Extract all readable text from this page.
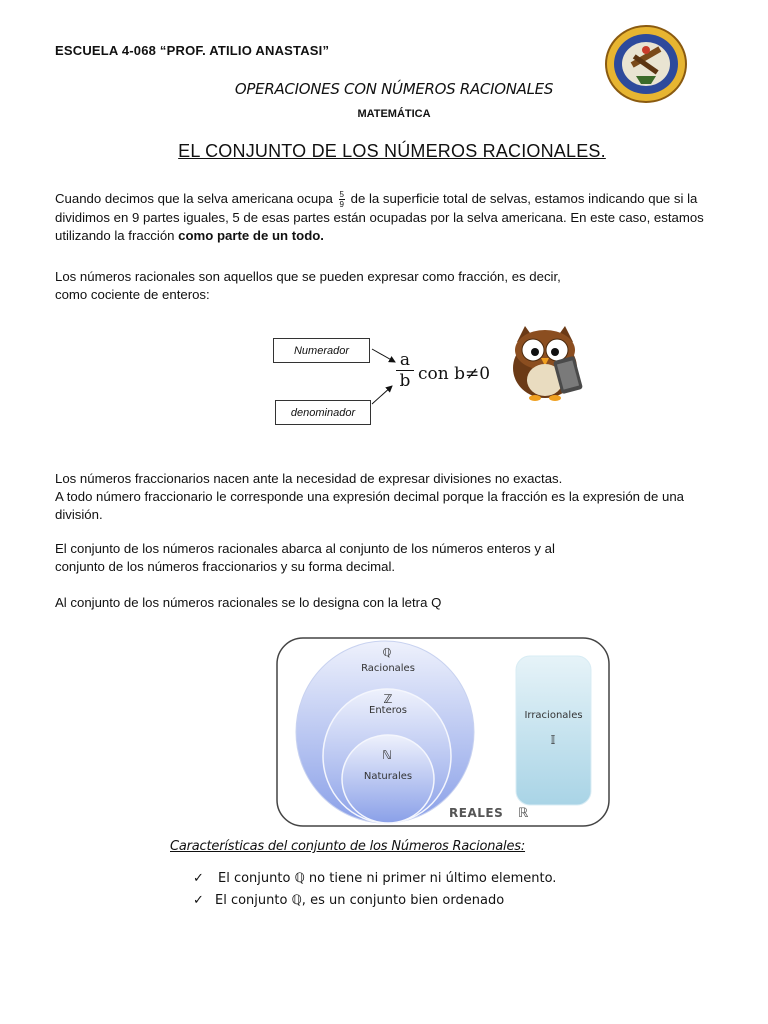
ESCUELA 4-068 “PROF. ATILIO ANASTASI”
OPERACIONES CON NÚMEROS RACIONALES
MATEMÁTICA
EL CONJUNTO DE LOS NÚMEROS RACIONALES.
Cuando decimos que la selva americana ocupa $\frac{5}{9}$ de la superficie total de selvas, estamos indicando que si la dividimos en 9 partes iguales, 5 de esas partes están ocupadas por la selva americana. En este caso, estamos utilizando la fracción como parte de un todo.
Los números racionales son aquellos que se pueden expresar como fracción, es decir,
como cociente de enteros:
Numerador
denominador
a
b con b≠0
Los números fraccionarios nacen ante la necesidad de expresar divisiones no exactas.
A todo número fraccionario le corresponde una expresión decimal porque la fracción es la expresión de una división.
El conjunto de los números racionales abarca al conjunto de los números enteros y al
conjunto de los números fraccionarios y su forma decimal.
Al conjunto de los números racionales se lo designa con la letra Q
ℚ
Racionales
ℤ
Enteros
ℕ
Naturales
Irracionales
𝕀
REALES ℝ
Características del conjunto de los Números Racionales:
✓	El conjunto ℚ no tiene ni primer ni último elemento.
✓ El conjunto ℚ, es un conjunto bien ordenado
